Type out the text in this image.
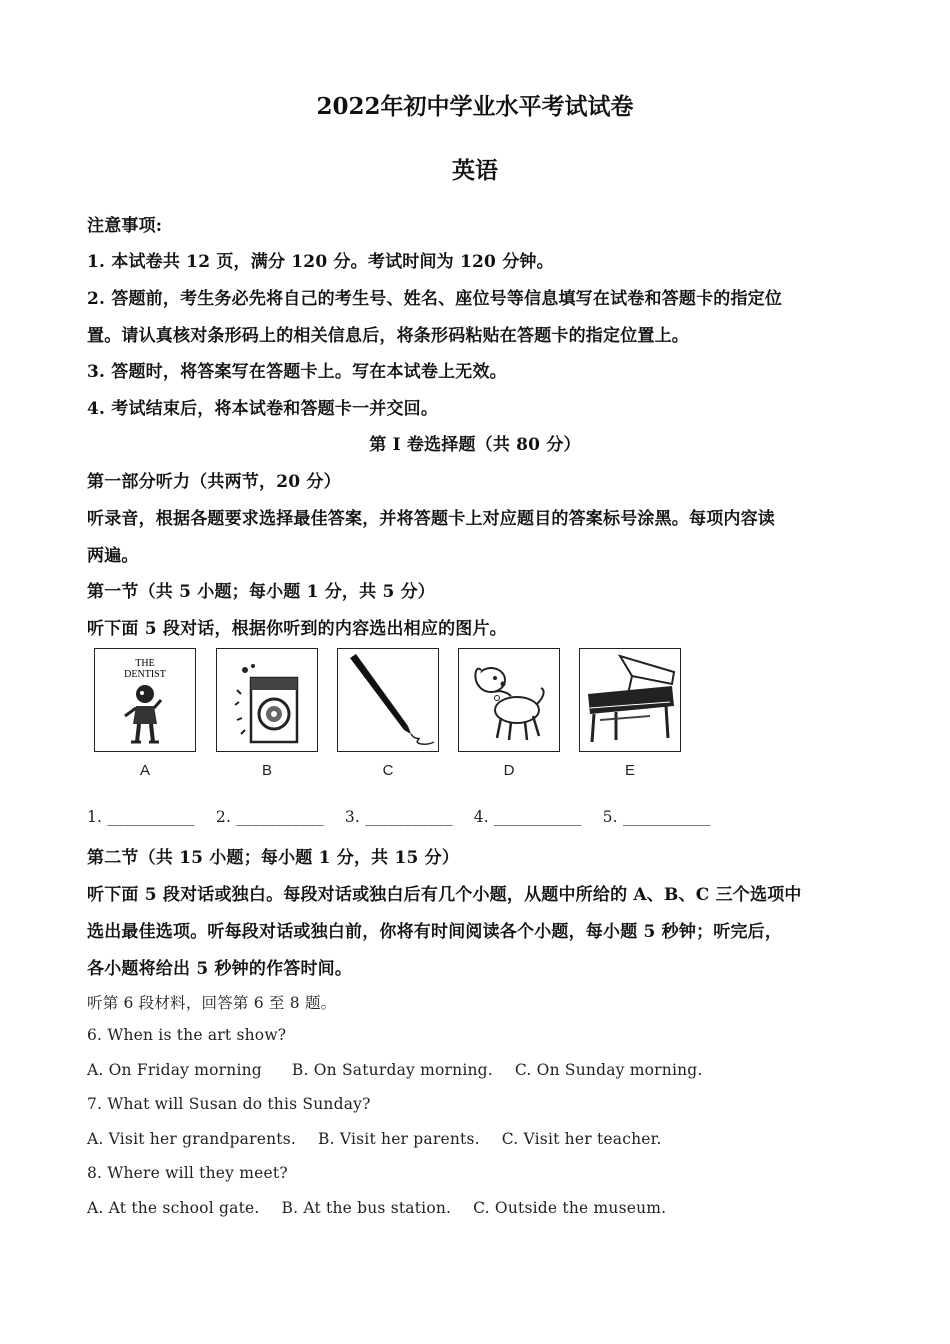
2022年初中学业水平考试试卷
英语
注意事项:
1. 本试卷共 12 页，满分 120 分。考试时间为 120 分钟。
2. 答题前，考生务必先将自己的考生号、姓名、座位号等信息填写在试卷和答题卡的指定位
置。请认真核对条形码上的相关信息后，将条形码粘贴在答题卡的指定位置上。
3. 答题时，将答案写在答题卡上。写在本试卷上无效。
4. 考试结束后，将本试卷和答题卡一并交回。
第 I 卷选择题（共 80 分）
第一部分听力（共两节，20 分）
听录音，根据各题要求选择最佳答案，并将答题卡上对应题目的答案标号涂黑。每项内容读
两遍。
第一节（共 5 小题；每小题 1 分，共 5 分）
听下面 5 段对话，根据你听到的内容选出相应的图片。
THE
DENTIST
A	B	C	D	E
1. ___________ 2. ___________ 3. ___________ 4. ___________ 5. ___________
第二节（共 15 小题；每小题 1 分，共 15 分）
听下面 5 段对话或独白。每段对话或独白后有几个小题，从题中所给的 A、B、C 三个选项中
选出最佳选项。听每段对话或独白前，你将有时间阅读各个小题，每小题 5 秒钟；听完后，
各小题将给出 5 秒钟的作答时间。
听第 6 段材料，回答第 6 至 8 题。
6. When is the art show?
A. On Friday morning B. On Saturday morning. C. On Sunday morning.
7. What will Susan do this Sunday?
A. Visit her grandparents. B. Visit her parents. C. Visit her teacher.
8. Where will they meet?
A. At the school gate. B. At the bus station. C. Outside the museum.
